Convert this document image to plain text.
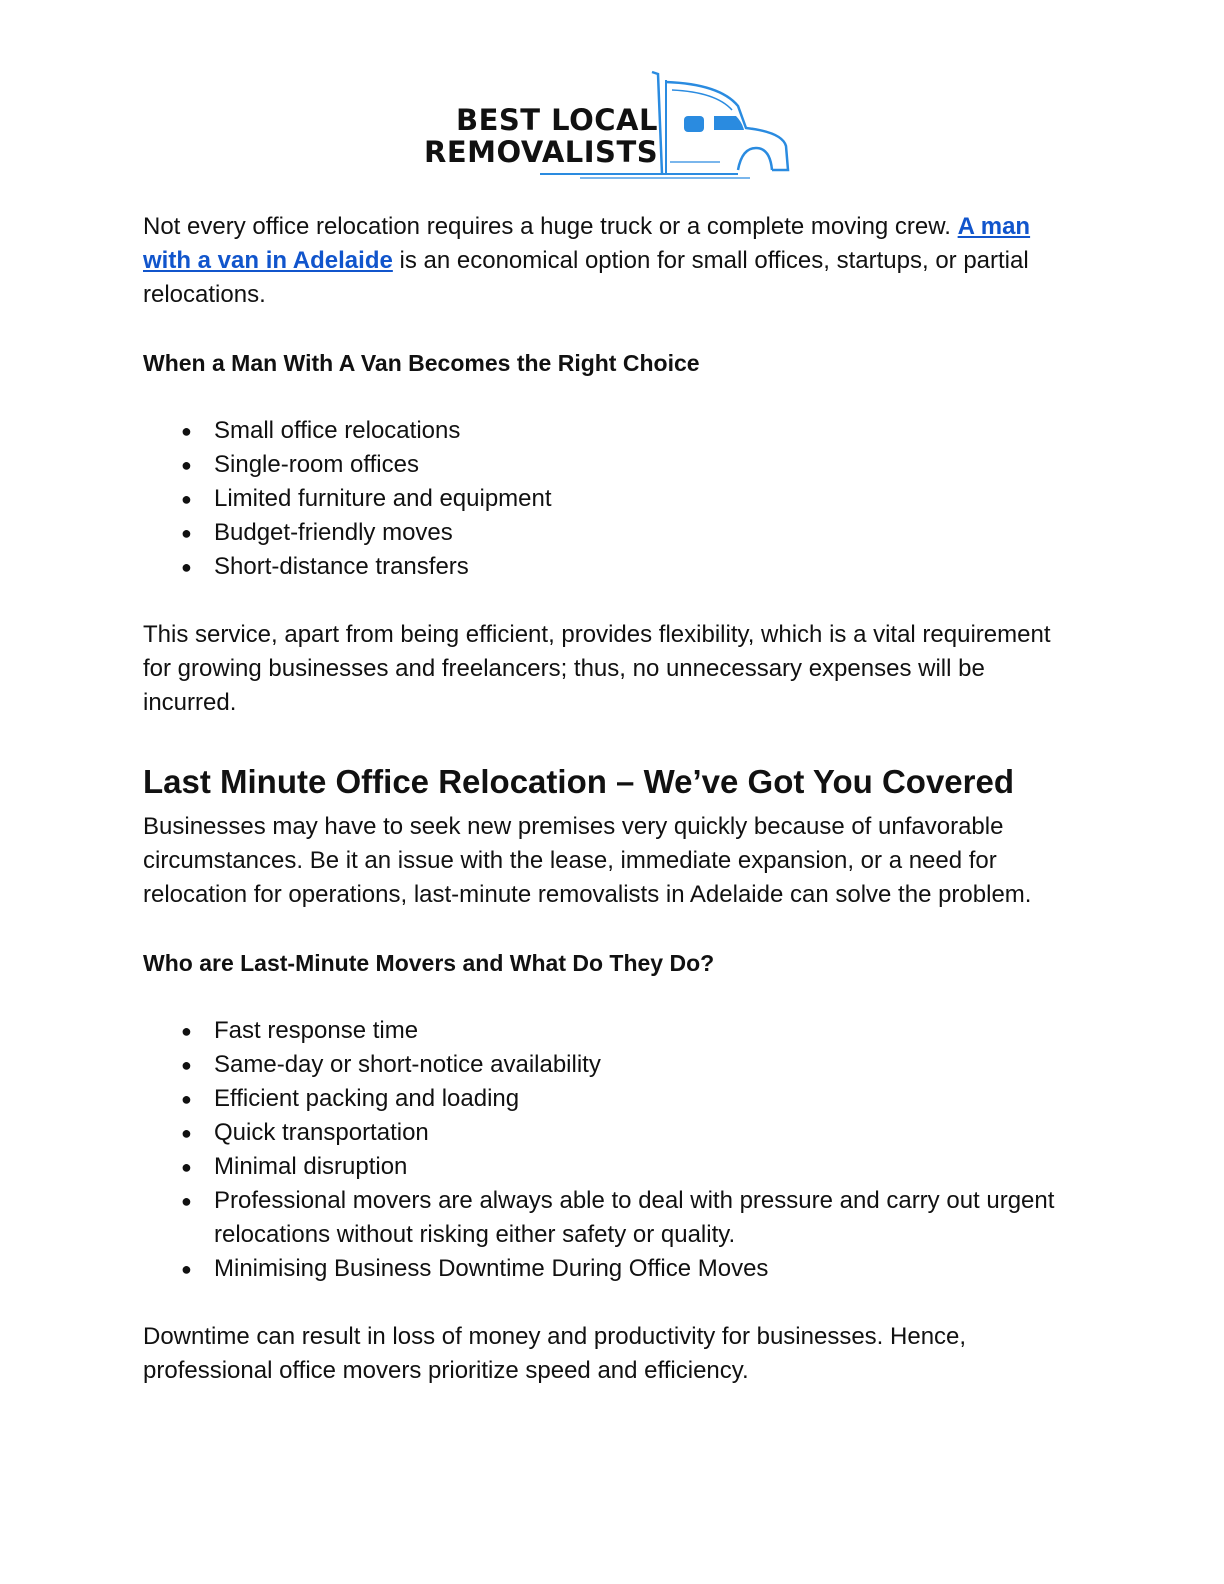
BEST LOCAL
REMOVALISTS

Not every office relocation requires a huge truck or a complete moving crew. A man with a van in Adelaide is an economical option for small offices, startups, or partial relocations.

When a Man With A Van Becomes the Right Choice
● Small office relocations
● Single-room offices
● Limited furniture and equipment
● Budget-friendly moves
● Short-distance transfers

This service, apart from being efficient, provides flexibility, which is a vital requirement for growing businesses and freelancers; thus, no unnecessary expenses will be incurred.

Last Minute Office Relocation – We’ve Got You Covered

Businesses may have to seek new premises very quickly because of unfavorable circumstances. Be it an issue with the lease, immediate expansion, or a need for relocation for operations, last-minute removalists in Adelaide can solve the problem.

Who are Last-Minute Movers and What Do They Do?
● Fast response time
● Same-day or short-notice availability
● Efficient packing and loading
● Quick transportation
● Minimal disruption
● Professional movers are always able to deal with pressure and carry out urgent relocations without risking either safety or quality.
● Minimising Business Downtime During Office Moves

Downtime can result in loss of money and productivity for businesses. Hence, professional office movers prioritize speed and efficiency.
